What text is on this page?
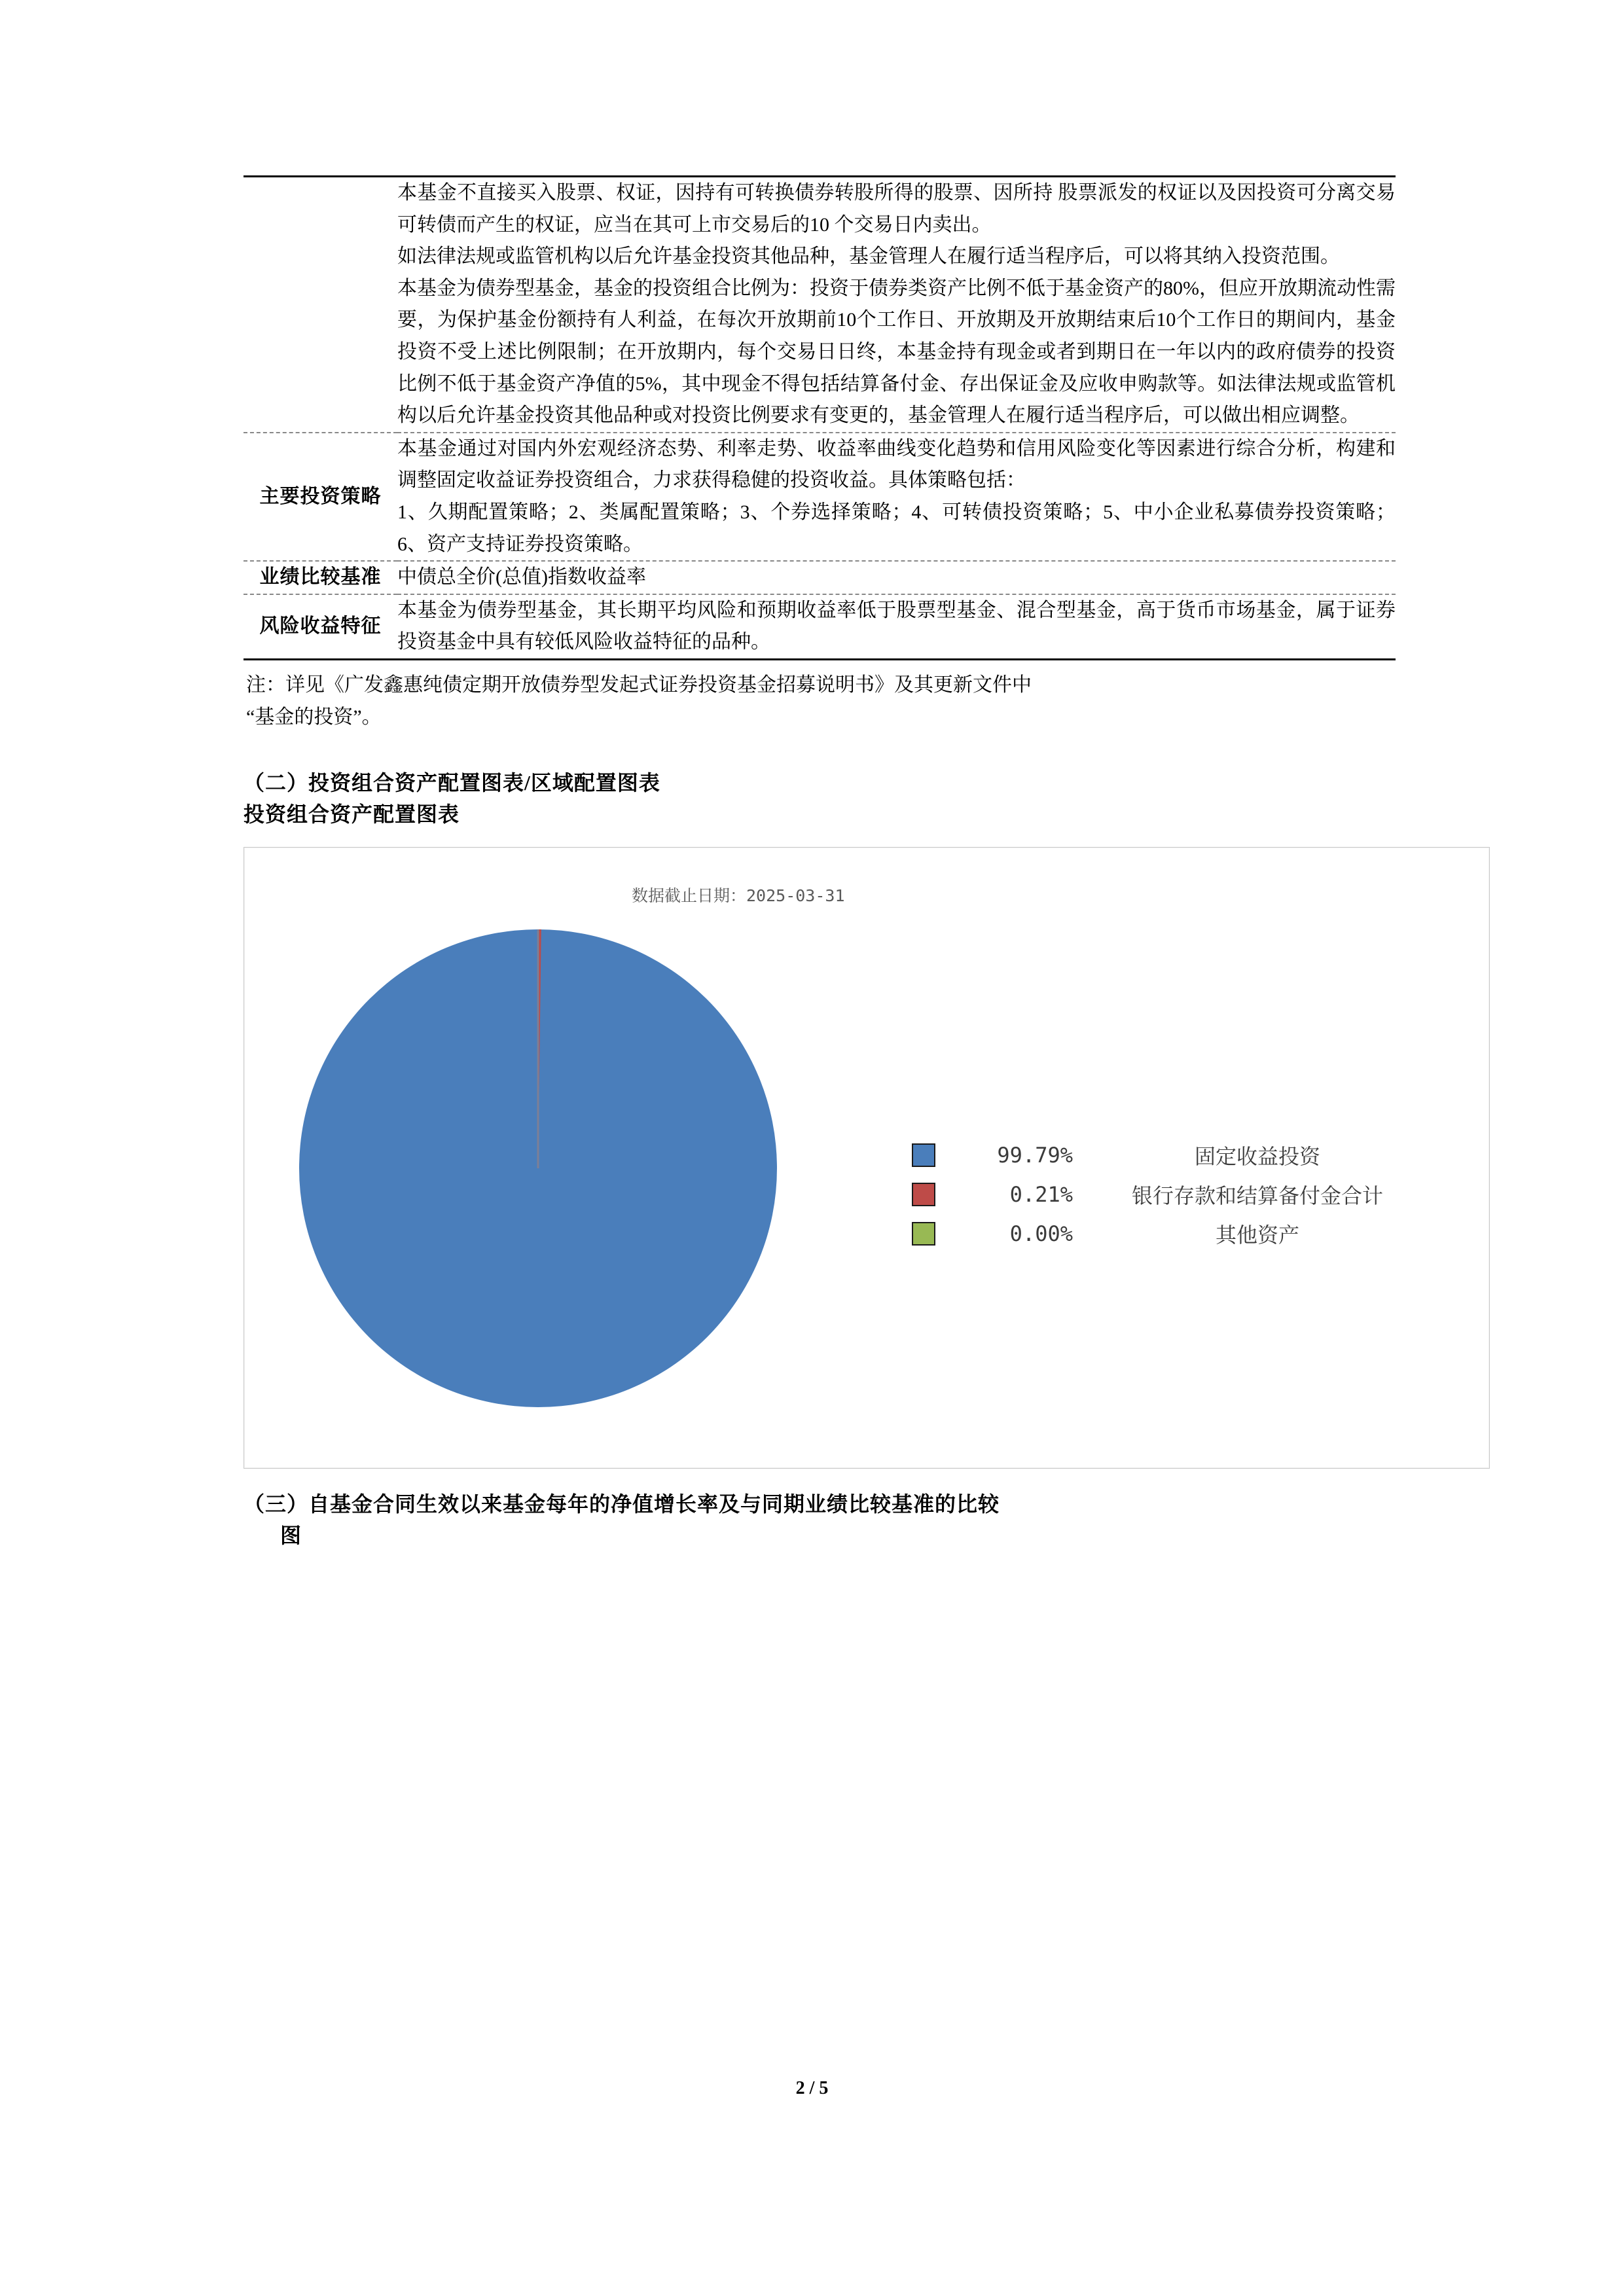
	本基金不直接买入股票、权证，因持有可转换债券转股所得的股票、因所持 股票派发的权证以及因投资可分离交易可转债而产生的权证，应当在其可上市交易后的10 个交易日内卖出。

如法律法规或监管机构以后允许基金投资其他品种，基金管理人在履行适当程序后，可以将其纳入投资范围。

本基金为债券型基金，基金的投资组合比例为：投资于债券类资产比例不低于基金资产的80%，但应开放期流动性需要，为保护基金份额持有人利益，在每次开放期前10个工作日、开放期及开放期结束后10个工作日的期间内，基金投资不受上述比例限制；在开放期内，每个交易日日终，本基金持有现金或者到期日在一年以内的政府债券的投资比例不低于基金资产净值的5%，其中现金不得包括结算备付金、存出保证金及应收申购款等。如法律法规或监管机构以后允许基金投资其他品种或对投资比例要求有变更的，基金管理人在履行适当程序后，可以做出相应调整。

主要投资策略	本基金通过对国内外宏观经济态势、利率走势、收益率曲线变化趋势和信用风险变化等因素进行综合分析，构建和调整固定收益证券投资组合，力求获得稳健的投资收益。具体策略包括：

1、久期配置策略；2、类属配置策略；3、个券选择策略；4、可转债投资策略；5、中小企业私募债券投资策略；6、资产支持证券投资策略。

业绩比较基准	中债总全价(总值)指数收益率

风险收益特征	本基金为债券型基金，其长期平均风险和预期收益率低于股票型基金、混合型基金，高于货币市场基金，属于证券投资基金中具有较低风险收益特征的品种。

注：详见《广发鑫惠纯债定期开放债券型发起式证券投资基金招募说明书》及其更新文件中
“基金的投资”。
（二）投资组合资产配置图表/区域配置图表
投资组合资产配置图表
数据截止日期：2025-03-31
99.79%	固定收益投资
0.21%	银行存款和结算备付金合计
0.00%	其他资产
（三）自基金合同生效以来基金每年的净值增长率及与同期业绩比较基准的比较
图
2 / 5
